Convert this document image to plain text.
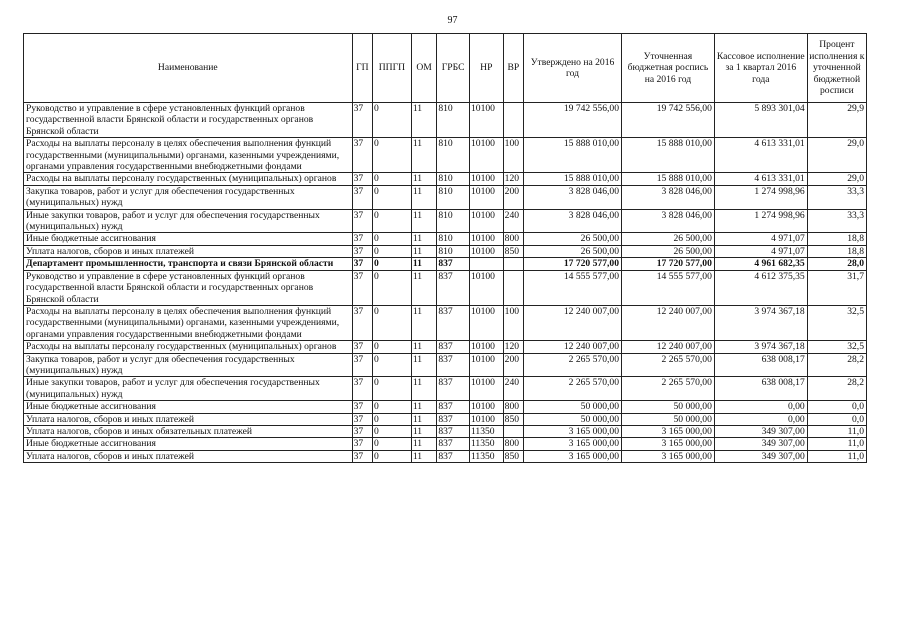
97
Наименование	ГП	ППГП	ОМ	ГРБС	НР	ВР	Утверждено на 2016 год	Уточненная бюджетная роспись на 2016 год	Кассовое исполнение за 1 квартал 2016 года	Процент исполнения к уточненной бюджетной росписи
Руководство и управление в сфере установленных функций органов государственной власти Брянской области и государственных органов Брянской области	37	0	11	810	10100		19 742 556,00	19 742 556,00	5 893 301,04	29,9
Расходы на выплаты персоналу в целях обеспечения выполнения функций государственными (муниципальными) органами, казенными учреждениями, органами управления государственными внебюджетными фондами	37	0	11	810	10100	100	15 888 010,00	15 888 010,00	4 613 331,01	29,0
Расходы на выплаты персоналу государственных (муниципальных) органов	37	0	11	810	10100	120	15 888 010,00	15 888 010,00	4 613 331,01	29,0
Закупка товаров, работ и услуг для обеспечения государственных (муниципальных) нужд	37	0	11	810	10100	200	3 828 046,00	3 828 046,00	1 274 998,96	33,3
Иные закупки товаров, работ и услуг для обеспечения государственных (муниципальных) нужд	37	0	11	810	10100	240	3 828 046,00	3 828 046,00	1 274 998,96	33,3
Иные бюджетные ассигнования	37	0	11	810	10100	800	26 500,00	26 500,00	4 971,07	18,8
Уплата налогов, сборов и иных платежей	37	0	11	810	10100	850	26 500,00	26 500,00	4 971,07	18,8
Департамент промышленности, транспорта и связи Брянской области	37	0	11	837			17 720 577,00	17 720 577,00	4 961 682,35	28,0
Руководство и управление в сфере установленных функций органов государственной власти Брянской области и государственных органов Брянской области	37	0	11	837	10100		14 555 577,00	14 555 577,00	4 612 375,35	31,7
Расходы на выплаты персоналу в целях обеспечения выполнения функций государственными (муниципальными) органами, казенными учреждениями, органами управления государственными внебюджетными фондами	37	0	11	837	10100	100	12 240 007,00	12 240 007,00	3 974 367,18	32,5
Расходы на выплаты персоналу государственных (муниципальных) органов	37	0	11	837	10100	120	12 240 007,00	12 240 007,00	3 974 367,18	32,5
Закупка товаров, работ и услуг для обеспечения государственных (муниципальных) нужд	37	0	11	837	10100	200	2 265 570,00	2 265 570,00	638 008,17	28,2
Иные закупки товаров, работ и услуг для обеспечения государственных (муниципальных) нужд	37	0	11	837	10100	240	2 265 570,00	2 265 570,00	638 008,17	28,2
Иные бюджетные ассигнования	37	0	11	837	10100	800	50 000,00	50 000,00	0,00	0,0
Уплата налогов, сборов и иных платежей	37	0	11	837	10100	850	50 000,00	50 000,00	0,00	0,0
Уплата налогов, сборов и иных обязательных платежей	37	0	11	837	11350		3 165 000,00	3 165 000,00	349 307,00	11,0
Иные бюджетные ассигнования	37	0	11	837	11350	800	3 165 000,00	3 165 000,00	349 307,00	11,0
Уплата налогов, сборов и иных платежей	37	0	11	837	11350	850	3 165 000,00	3 165 000,00	349 307,00	11,0
